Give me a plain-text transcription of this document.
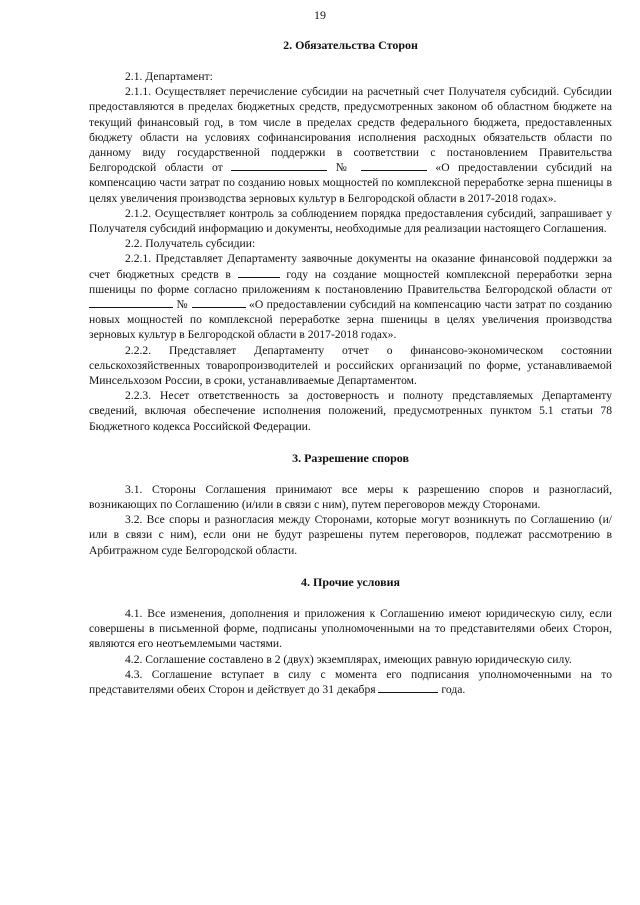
19
2. Обязательства Сторон

2.1. Департамент:

2.1.1. Осуществляет перечисление субсидии на расчетный счет Получателя субсидий. Субсидии предоставляются в пределах бюджетных средств, предусмотренных законом об областном бюджете на текущий финансовый год, в том числе в пределах средств федерального бюджета, предоставленных бюджету области на условиях софинансирования исполнения расходных обязательств области по данному виду государственной поддержки в соответствии с постановлением Правительства Белгородской области от	№	«О предоставлении субсидий на компенсацию части затрат по созданию новых мощностей по комплексной переработке зерна пшеницы в целях увеличения производства зерновых культур в Белгородской области в 2017-2018 годах».

2.1.2. Осуществляет контроль за соблюдением порядка предоставления субсидий, запрашивает у Получателя субсидий информацию и документы, необходимые для реализации настоящего Соглашения.

2.2. Получатель субсидии:

2.2.1. Представляет Департаменту заявочные документы на оказание финансовой поддержки за счет бюджетных средств в	году на создание мощностей комплексной переработки зерна пшеницы по форме согласно приложениям к постановлению Правительства Белгородской области от  №	«О предоставлении субсидий на компенсацию части затрат по созданию новых мощностей по комплексной переработке зерна пшеницы в целях увеличения производства зерновых культур в Белгородской области в 2017-2018 годах».

2.2.2. Представляет Департаменту отчет о финансово-экономическом состоянии сельскохозяйственных товаропроизводителей и российских организаций по форме, устанавливаемой Минсельхозом России, в сроки, устанавливаемые Департаментом.

2.2.3. Несет ответственность за достоверность и полноту представляемых Департаменту сведений, включая обеспечение исполнения положений, предусмотренных пунктом 5.1 статьи 78 Бюджетного кодекса Российской Федерации.

3. Разрешение споров

3.1. Стороны Соглашения принимают все меры к разрешению споров и разногласий, возникающих по Соглашению (и/или в связи с ним), путем переговоров между Сторонами.

3.2. Все споры и разногласия между Сторонами, которые могут возникнуть по Соглашению (и/или в связи с ним), если они не будут разрешены путем переговоров, подлежат рассмотрению в Арбитражном суде Белгородской области.

4. Прочие условия

4.1. Все изменения, дополнения и приложения к Соглашению имеют юридическую силу, если совершены в письменной форме, подписаны уполномоченными на то представителями обеих Сторон, являются его неотъемлемыми частями.

4.2. Соглашение составлено в 2 (двух) экземплярах, имеющих равную юридическую силу.

4.3. Соглашение вступает в силу с момента его подписания уполномоченными на то представителями обеих Сторон и действует до 31 декабря	года.
